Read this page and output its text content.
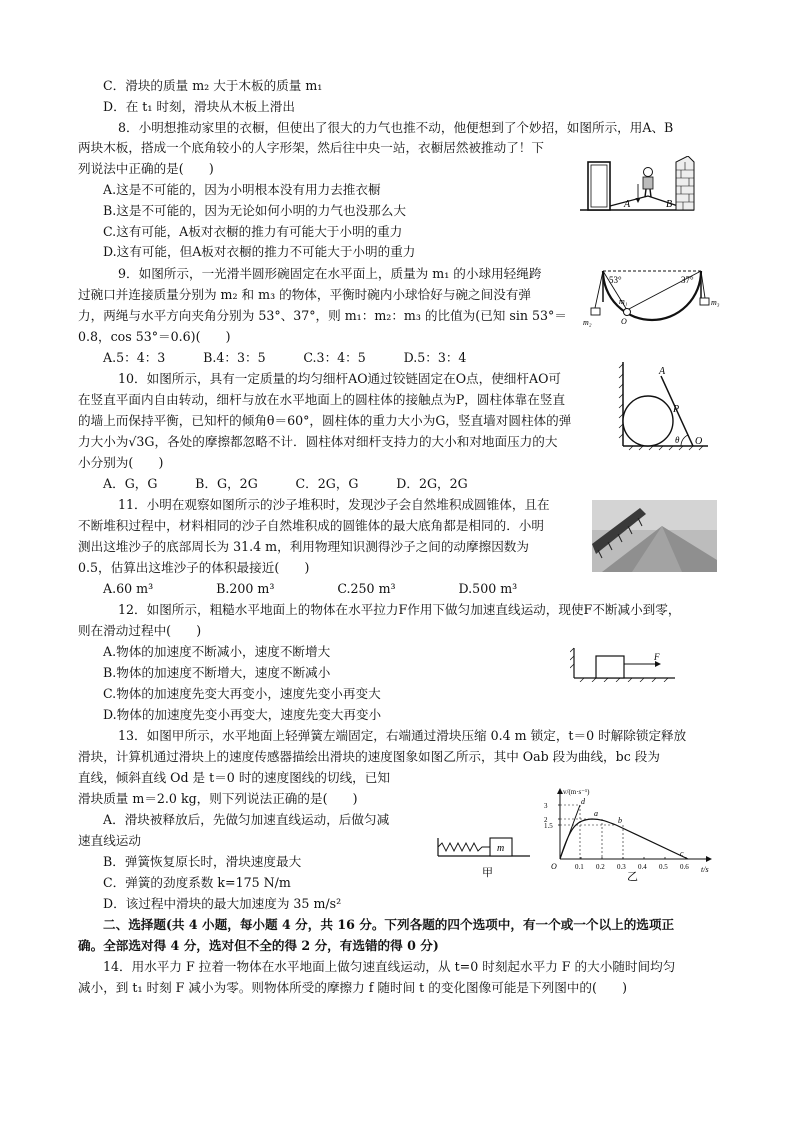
C．滑块的质量 m₂ 大于木板的质量 m₁
D．在 t₁ 时刻，滑块从木板上滑出
8．小明想推动家里的衣橱，但使出了很大的力气也推不动，他便想到了个妙招，如图所示，用A、B
两块木板，搭成一个底角较小的人字形架，然后往中央一站，衣橱居然被推动了！下
列说法中正确的是(　　)
A.这是不可能的，因为小明根本没有用力去推衣橱
B.这是不可能的，因为无论如何小明的力气也没那么大
C.这有可能，A板对衣橱的推力有可能大于小明的重力
D.这有可能，但A板对衣橱的推力不可能大于小明的重力
A	B
9．如图所示，一光滑半圆形碗固定在水平面上，质量为 m₁ 的小球用轻绳跨
过碗口并连接质量分别为 m₂ 和 m₃ 的物体，平衡时碗内小球恰好与碗之间没有弹
力，两绳与水平方向夹角分别为 53°、37°，则 m₁：m₂：m₃ 的比值为(已知 sin 53°＝
0.8，cos 53°＝0.6)(　　)
A.5：4：3　　　B.4：3：5　　　C.3：4：5　　　D.5：3：4
53°	37°
m₁
m₂
m₃
O
10．如图所示，具有一定质量的均匀细杆AO通过铰链固定在O点，使细杆AO可
在竖直平面内自由转动，细杆与放在水平地面上的圆柱体的接触点为P，圆柱体靠在竖直
的墙上而保持平衡，已知杆的倾角θ＝60°，圆柱体的重力大小为G，竖直墙对圆柱体的弹
力大小为√3G，各处的摩擦都忽略不计．圆柱体对细杆支持力的大小和对地面压力的大
小分别为(　　)
A．G，G　　　B．G，2G　　　C．2G，G　　　D．2G，2G
A
P
θ O
11．小明在观察如图所示的沙子堆积时，发现沙子会自然堆积成圆锥体，且在
不断堆积过程中，材料相同的沙子自然堆积成的圆锥体的最大底角都是相同的．小明
测出这堆沙子的底部周长为 31.4 m，利用物理知识测得沙子之间的动摩擦因数为
0.5，估算出这堆沙子的体积最接近(　　)
A.60 m³　　　　　B.200 m³　　　　　C.250 m³　　　　　D.500 m³
12．如图所示，粗糙水平地面上的物体在水平拉力F作用下做匀加速直线运动，现使F不断减小到零，
则在滑动过程中(　　)
A.物体的加速度不断减小，速度不断增大
B.物体的加速度不断增大，速度不断减小
C.物体的加速度先变大再变小，速度先变小再变大
D.物体的加速度先变小再变大，速度先变大再变小
F
13．如图甲所示，水平地面上轻弹簧左端固定，右端通过滑块压缩 0.4 m 锁定，t＝0 时解除锁定释放
滑块，计算机通过滑块上的速度传感器描绘出滑块的速度图象如图乙所示，其中 Oab 段为曲线，bc 段为
直线，倾斜直线 Od 是 t＝0 时的速度图线的切线，已知
滑块质量 m＝2.0 kg，则下列说法正确的是(　　)
A．滑块被释放后，先做匀加速直线运动，后做匀减
速直线运动
B．弹簧恢复原长时，滑块速度最大
C．弹簧的劲度系数 k=175 N/m
D．该过程中滑块的最大加速度为 35 m/s²
m
甲
v/(m·s⁻¹)
t/s
O
3
2
1.5
0.1 0.2 0.3 0.4 0.5 0.6
d
a
b
c
乙
二、选择题(共 4 小题，每小题 4 分，共 16 分。下列各题的四个选项中，有一个或一个以上的选项正
确。全部选对得 4 分，选对但不全的得 2 分，有选错的得 0 分)
14．用水平力 F 拉着一物体在水平地面上做匀速直线运动，从 t=0 时刻起水平力 F 的大小随时间均匀
减小，到 t₁ 时刻 F 减小为零。则物体所受的摩擦力 f 随时间 t 的变化图像可能是下列图中的(　　)
